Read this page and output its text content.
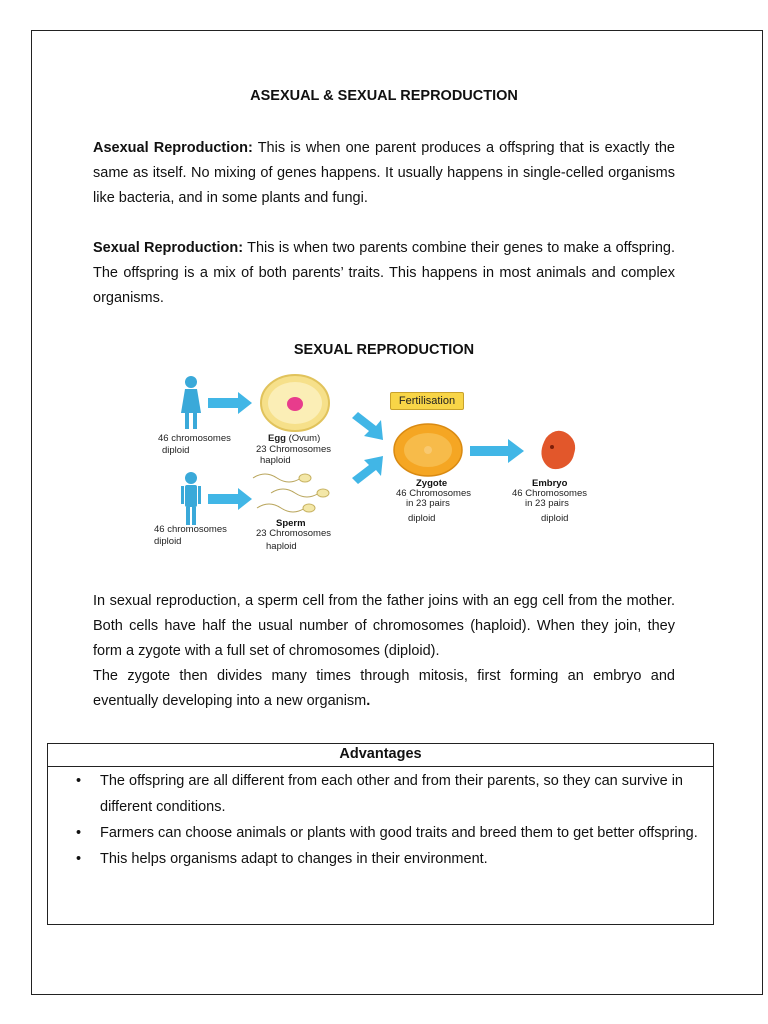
ASEXUAL & SEXUAL REPRODUCTION

Asexual Reproduction: This is when one parent produces a offspring that is exactly the same as itself. No mixing of genes happens. It usually happens in single-celled organisms like bacteria, and in some plants and fungi.

Sexual Reproduction: This is when two parents combine their genes to make a offspring. The offspring is a mix of both parents’ traits. This happens in most animals and complex organisms.

SEXUAL REPRODUCTION
Fertilisation
46 chromosomes
diploid
46 chromosomes
diploid
Egg (Ovum)
23 Chromosomes
haploid
Sperm
23 Chromosomes
haploid
Zygote
46 Chromosomes
in 23 pairs
diploid
Embryo
46 Chromosomes
in 23 pairs
diploid

In sexual reproduction, a sperm cell from the father joins with an egg cell from the mother. Both cells have half the usual number of chromosomes (haploid). When they join, they form a zygote with a full set of chromosomes (diploid).

The zygote then divides many times through mitosis, first forming an embryo and eventually developing into a new organism.

Advantages
• The offspring are all different from each other and from their parents, so they can survive in different conditions.
• Farmers can choose animals or plants with good traits and breed them to get better offspring.
• This helps organisms adapt to changes in their environment.
